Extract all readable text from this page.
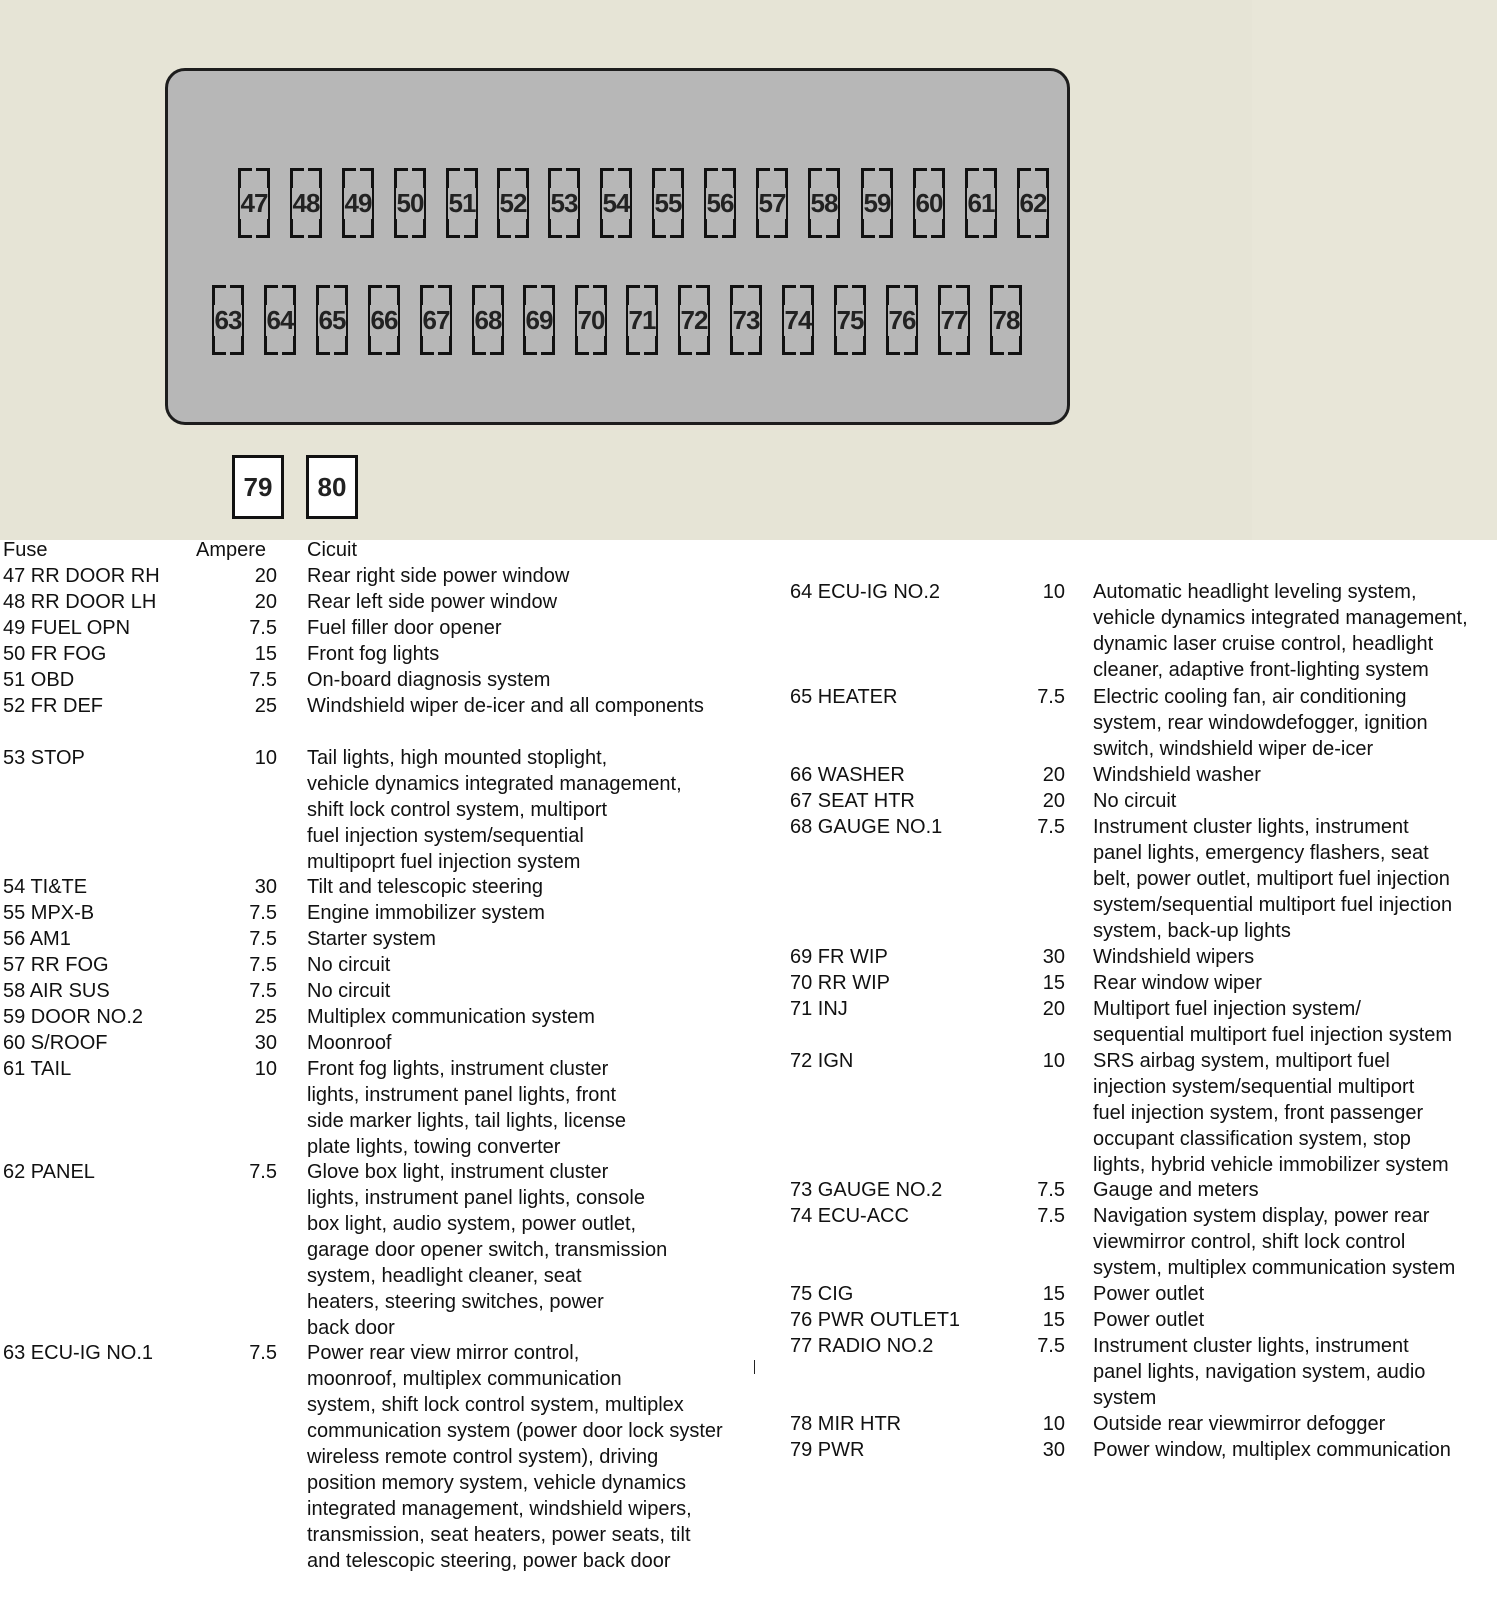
47 48 49 50 51 52 53 54 55 56 57 58 59 60 61 62
63 64 65 66 67 68 69 70 71 72 73 74 75 76 77 78
79	80
Fuse	Ampere Cicuit
47 RR DOOR RH	20 Rear right side power window
48 RR DOOR LH	20 Rear left side power window
49 FUEL OPN	7.5 Fuel filler door opener
50 FR FOG	15 Front fog lights
51 OBD	7.5 On-board diagnosis system
52 FR DEF	25 Windshield wiper de-icer and all components
53 STOP	10 Tail lights, high mounted stoplight,
vehicle dynamics integrated management,
shift lock control system, multiport
fuel injection system/sequential
multipoprt fuel injection system
54 TI&TE	30 Tilt and telescopic steering
55 MPX-B	7.5 Engine immobilizer system
56 AM1	7.5 Starter system
57 RR FOG	7.5 No circuit
58 AIR SUS	7.5 No circuit
59 DOOR NO.2	25 Multiplex communication system
60 S/ROOF	30 Moonroof
61 TAIL	10 Front fog lights, instrument cluster
lights, instrument panel lights, front
side marker lights, tail lights, license
plate lights, towing converter
62 PANEL	7.5 Glove box light, instrument cluster
lights, instrument panel lights, console
box light, audio system, power outlet,
garage door opener switch, transmission
system, headlight cleaner, seat
heaters, steering switches, power
back door
63 ECU-IG NO.1	7.5 Power rear view mirror control,
moonroof, multiplex communication
system, shift lock control system, multiplex
communication system (power door lock syster
wireless remote control system), driving
position memory system, vehicle dynamics
integrated management, windshield wipers,
transmission, seat heaters, power seats, tilt
and telescopic steering, power back door
64 ECU-IG NO.2	10 Automatic headlight leveling system,
vehicle dynamics integrated management,
dynamic laser cruise control, headlight
cleaner, adaptive front-lighting system
65 HEATER	7.5 Electric cooling fan, air conditioning
system, rear windowdefogger, ignition
switch, windshield wiper de-icer
66 WASHER	20 Windshield washer
67 SEAT HTR	20 No circuit
68 GAUGE NO.1	7.5 Instrument cluster lights, instrument
panel lights, emergency flashers, seat
belt, power outlet, multiport fuel injection
system/sequential multiport fuel injection
system, back-up lights
69 FR WIP	30 Windshield wipers
70 RR WIP	15 Rear window wiper
71 INJ	20 Multiport fuel injection system/
sequential multiport fuel injection system
72 IGN	10 SRS airbag system, multiport fuel
injection system/sequential multiport
fuel injection system, front passenger
occupant classification system, stop
lights, hybrid vehicle immobilizer system
73 GAUGE NO.2	7.5 Gauge and meters
74 ECU-ACC	7.5 Navigation system display, power rear
viewmirror control, shift lock control
system, multiplex communication system
75 CIG	15 Power outlet
76 PWR OUTLET1	15 Power outlet
77 RADIO NO.2	7.5 Instrument cluster lights, instrument
panel lights, navigation system, audio
system
78 MIR HTR	10 Outside rear viewmirror defogger
79 PWR	30 Power window, multiplex communication
